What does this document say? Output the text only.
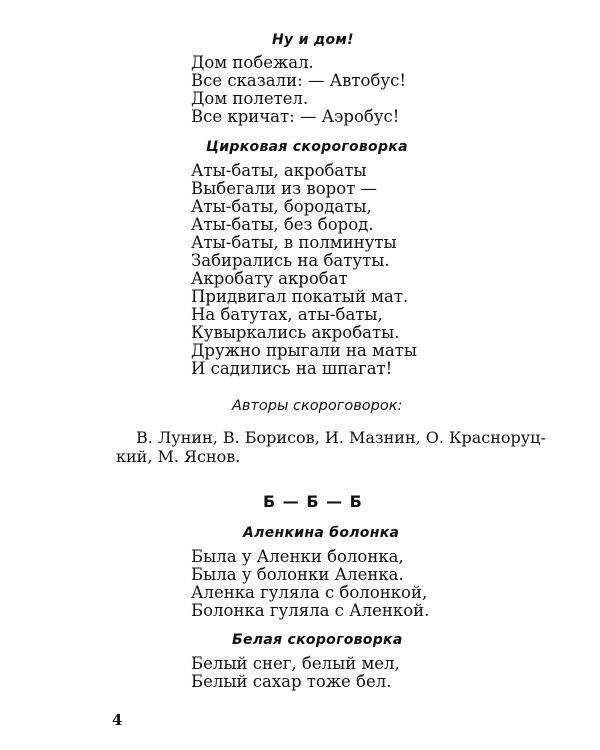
Ну и дом!
Дом побежал.
Все сказали: — Автобус!
Дом полетел.
Все кричат: — Аэробус!
Цирковая скороговорка
Аты-баты, акробаты
Выбегали из ворот —
Аты-баты, бородаты,
Аты-баты, без бород.
Аты-баты, в полминуты
Забирались на батуты.
Акробату акробат
Придвигал покатый мат.
На батутах, аты-баты,
Кувыркались акробаты.
Дружно прыгали на маты
И садились на шпагат!
Авторы скороговорок:
В. Лунин, В. Борисов, И. Мазнин, О. Красноруц-
кий, М. Яснов.
Б — Б — Б
Аленкина болонка
Была у Аленки болонка,
Была у болонки Аленка.
Аленка гуляла с болонкой,
Болонка гуляла с Аленкой.
Белая скороговорка
Белый снег, белый мел,
Белый сахар тоже бел.
4
